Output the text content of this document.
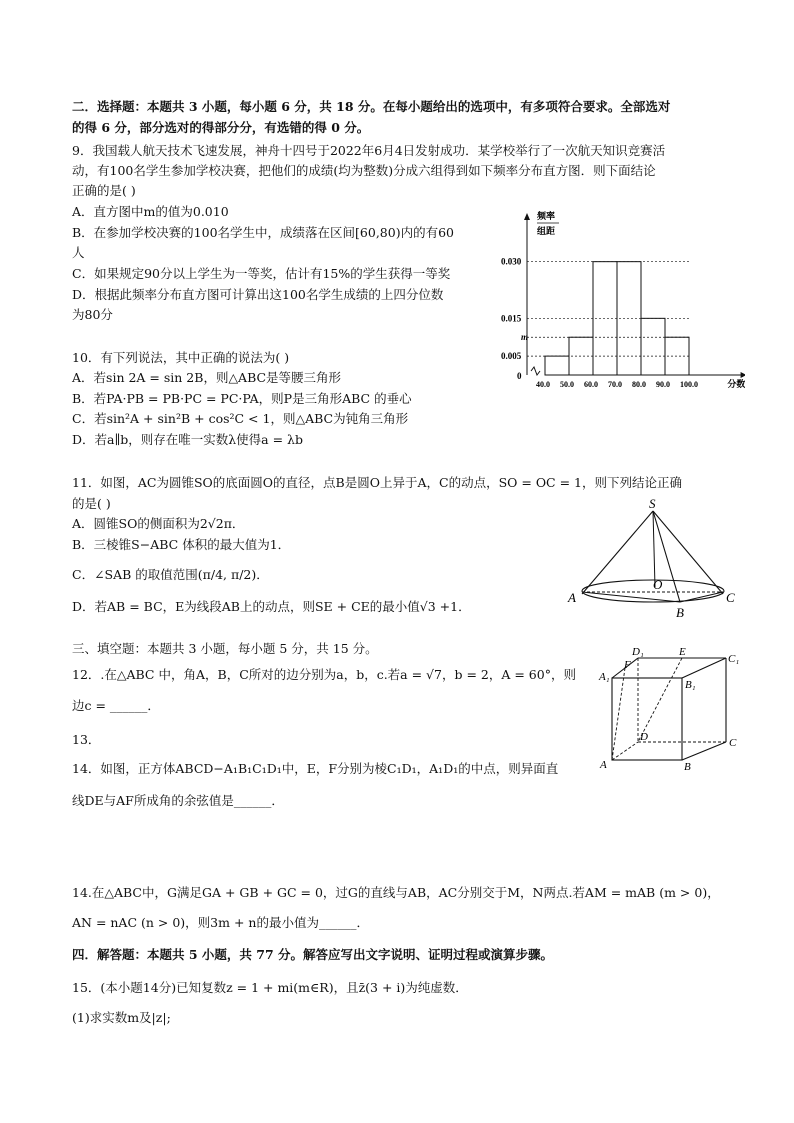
二．选择题：本题共 3 小题，每小题 6 分，共 18 分。在每小题给出的选项中，有多项符合要求。全部选对
的得 6 分，部分选对的得部分分，有选错的得 0 分。
9．我国载人航天技术飞速发展，神舟十四号于2022年6月4日发射成功．某学校举行了一次航天知识竞赛活
动，有100名学生参加学校决赛，把他们的成绩(均为整数)分成六组得到如下频率分布直方图．则下面结论
正确的是( )
A．直方图中m的值为0.010
B．在参加学校决赛的100名学生中，成绩落在区间[60,80)内的有60
人
C．如果规定90分以上学生为一等奖，估计有15%的学生获得一等奖
D．根据此频率分布直方图可计算出这100名学生成绩的上四分位数
为80分
频率
组距
0.030
0.015
m
0.005
0
40.0 50.0 60.0 70.0 80.0 90.0 100.0	分数
10．有下列说法，其中正确的说法为( )
A．若sin 2A = sin 2B，则△ABC是等腰三角形
B．若PA·PB = PB·PC = PC·PA，则P是三角形ABC 的垂心
C．若sin²A + sin²B + cos²C < 1，则△ABC为钝角三角形
D．若a∥b，则存在唯一实数λ使得a = λb
11．如图，AC为圆锥SO的底面圆O的直径，点B是圆O上异于A，C的动点，SO = OC = 1，则下列结论正确
的是( )
A．圆锥SO的侧面积为2√2π．
B．三棱锥S−ABC 体积的最大值为1．
C．∠SAB 的取值范围(π/4, π/2)．
D．若AB = BC，E为线段AB上的动点，则SE + CE的最小值√3 +1．
S
A
O
B
C
三、填空题：本题共 3 小题，每小题 5 分，共 15 分。
12．.在△ABC 中，角A，B，C所对的边分别为a，b，c.若a = √7，b = 2，A = 60°，则
边c = ______．
13．
14．如图，正方体ABCD−A₁B₁C₁D₁中，E，F分别为棱C₁D₁，A₁D₁的中点，则异面直
线DE与AF所成角的余弦值是______．
D₁	E
C₁
F
A₁
B₁
D	C
A	B
14.在△ABC中，G满足GA + GB + GC = 0，过G的直线与AB，AC分别交于M，N两点.若AM = mAB (m > 0)，
AN = nAC (n > 0)，则3m + n的最小值为______．
四．解答题：本题共 5 小题，共 77 分。解答应写出文字说明、证明过程或演算步骤。
15．(本小题14分)已知复数z = 1 + mi(m∈R)，且z̄(3 + i)为纯虚数．
(1)求实数m及|z|;
